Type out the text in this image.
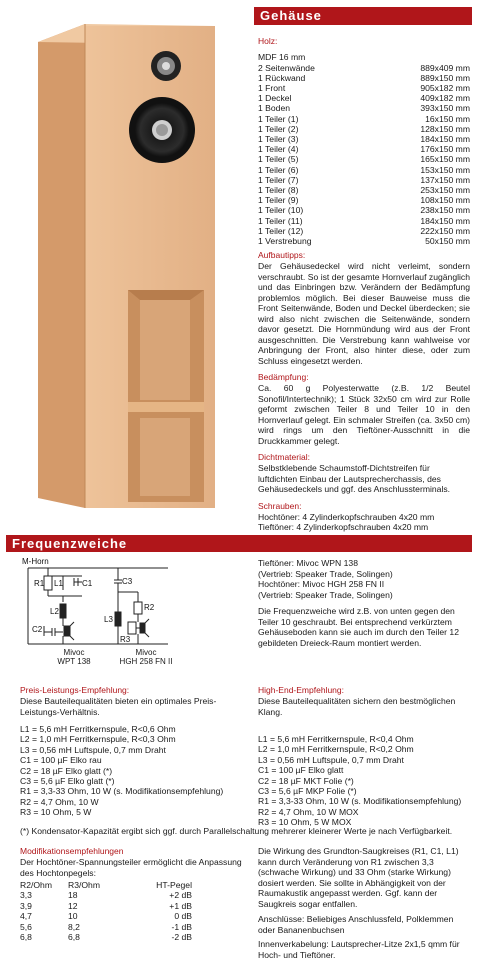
Gehäuse
Holz:
MDF 16 mm
2 Seitenwände	889x409 mm
1 Rückwand	889x150 mm
1 Front	905x182 mm
1 Deckel	409x182 mm
1 Boden	393x150 mm
1 Teiler (1)	16x150 mm
1 Teiler (2)	128x150 mm
1 Teiler (3)	184x150 mm
1 Teiler (4)	176x150 mm
1 Teiler (5)	165x150 mm
1 Teiler (6)	153x150 mm
1 Teiler (7)	137x150 mm
1 Teiler (8)	253x150 mm
1 Teiler (9)	108x150 mm
1 Teiler (10)	238x150 mm
1 Teiler (11)	184x150 mm
1 Teiler (12)	222x150 mm
1 Verstrebung	50x150 mm
Aufbautipps:
Der Gehäusedeckel wird nicht verleimt, sondern verschraubt. So ist der gesamte Hornverlauf zugänglich und das Einbringen bzw. Verändern der Bedämpfung problemlos möglich. Bei dieser Bauweise muss die Front Seitenwände, Boden und Deckel überdecken; sie wird also nicht zwischen die Seitenwände, sondern davor gesetzt. Die Hornmündung wird aus der Front ausgeschnitten. Die Verstrebung kann wahlweise vor Anbringung der Front, also hinter diese, oder zum Schluss eingesetzt werden.
Bedämpfung:
Ca. 60 g Polyesterwatte (z.B. 1/2 Beutel Sonofil/Intertechnik); 1 Stück 32x50 cm wird zur Rolle geformt zwischen Teiler 8 und Teiler 10 in den Hornverlauf gelegt. Ein schmaler Streifen (ca. 3x50 cm) wird rings um den Tieftöner-Ausschnitt in die Druckkammer gelegt.
Dichtmaterial:
Selbstklebende Schaumstoff-Dichtstreifen für luftdichten Einbau der Lautsprecherchassis, des Gehäusedeckels und ggf. des Anschlussterminals.
Schrauben:
Hochtöner: 4 Zylinderkopfschrauben 4x20 mm
Tieftöner: 4 Zylinderkopfschrauben 4x20 mm
Frequenzweiche
M-Horn
R1 L1 C1
L2
C2
C3
R2
L3
R3
Mivoc
WPT 138
Mivoc
HGH 258 FN II
Tieftöner: Mivoc WPN 138
(Vertrieb: Speaker Trade, Solingen)
Hochtöner: Mivoc HGH 258 FN II
(Vertrieb: Speaker Trade, Solingen)
Die Frequenzweiche wird z.B. von unten gegen den Teiler 10 geschraubt. Bei entsprechend verkürztem Gehäuseboden kann sie auch im durch den Teiler 12 gebildeten Dreieck-Raum montiert werden.
Preis-Leistungs-Empfehlung:
Diese Bauteilequalitäten bieten ein optimales Preis-Leistungs-Verhältnis.
L1 = 5,6 mH Ferritkernspule, R<0,6 Ohm
L2 = 1,0 mH Ferritkernspule, R<0,3 Ohm
L3 = 0,56 mH Luftspule, 0,7 mm Draht
C1 = 100 µF Elko rau
C2 = 18 µF Elko glatt (*)
C3 = 5,6 µF Elko glatt (*)
R1 = 3,3-33 Ohm, 10 W (s. Modifikationsempfehlung)
R2 = 4,7 Ohm, 10 W
R3 = 10 Ohm, 5 W
High-End-Empfehlung:
Diese Bauteilequalitäten sichern den bestmöglichen Klang.
L1 = 5,6 mH Ferritkernspule, R<0,4 Ohm
L2 = 1,0 mH Ferritkernspule, R<0,2 Ohm
L3 = 0,56 mH Luftspule, 0,7 mm Draht
C1 = 100 µF Elko glatt
C2 = 18 µF MKT Folie (*)
C3 = 5,6 µF MKP Folie (*)
R1 = 3,3-33 Ohm, 10 W (s. Modifikationsempfehlung)
R2 = 4,7 Ohm, 10 W MOX
R3 = 10 Ohm, 5 W MOX
(*) Kondensator-Kapazität ergibt sich ggf. durch Parallelschaltung mehrerer kleinerer Werte je nach Verfügbarkeit.
Modifikationsempfehlungen
Der Hochtöner-Spannungsteiler ermöglicht die Anpassung des Hochtonpegels:
R2/Ohm	R3/Ohm	HT-Pegel
3,3	18	+2 dB
3,9	12	+1 dB
4,7	10	0 dB
5,6	8,2	-1 dB
6,8	6,8	-2 dB
Die Wirkung des Grundton-Saugkreises (R1, C1, L1) kann durch Veränderung von R1 zwischen 3,3 (schwache Wirkung) und 33 Ohm (starke Wirkung) dosiert werden. Sie sollte in Abhängigkeit von der Raumakustik angepasst werden. Ggf. kann der Saugkreis sogar entfallen.
Anschlüsse: Beliebiges Anschlussfeld, Polklemmen oder Bananenbuchsen
Innenverkabelung: Lautsprecher-Litze 2x1,5 qmm für Hoch- und Tieftöner.
